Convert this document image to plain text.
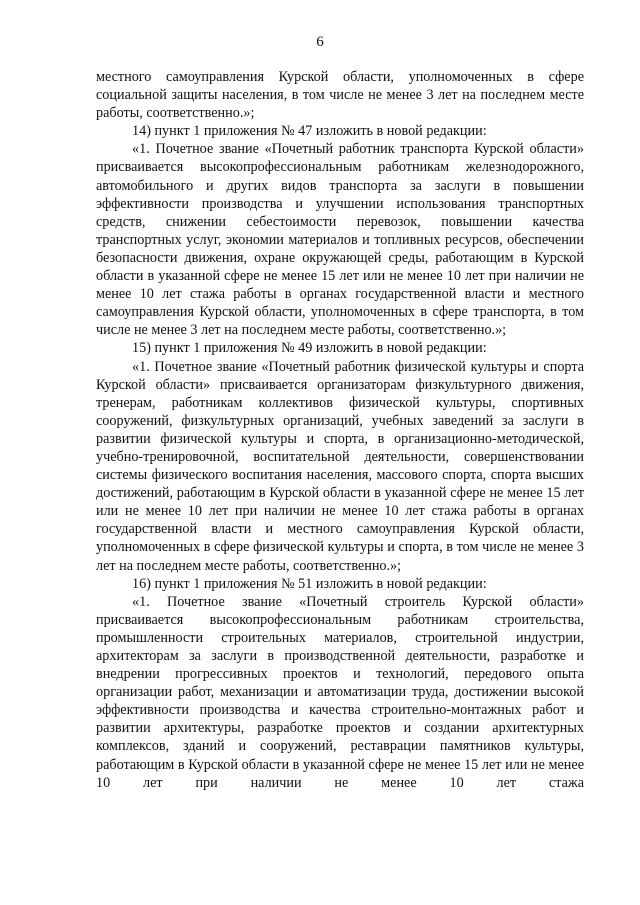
6

местного самоуправления Курской области, уполномоченных в сфере социальной защиты населения, в том числе не менее 3 лет на последнем месте работы, соответственно.»;

14) пункт 1 приложения № 47 изложить в новой редакции:

«1. Почетное звание «Почетный работник транспорта Курской области» присваивается высокопрофессиональным работникам железнодорожного, автомобильного и других видов транспорта за заслуги в повышении эффективности производства и улучшении использования транспортных средств, снижении себестоимости перевозок, повышении качества транспортных услуг, экономии материалов и топливных ресурсов, обеспечении безопасности движения, охране окружающей среды, работающим в Курской области в указанной сфере не менее 15 лет или не менее 10 лет при наличии не менее 10 лет стажа работы в органах государственной власти и местного самоуправления Курской области, уполномоченных в сфере транспорта, в том числе не менее 3 лет на последнем месте работы, соответственно.»;

15) пункт 1 приложения № 49 изложить в новой редакции:

«1. Почетное звание «Почетный работник физической культуры и спорта Курской области» присваивается организаторам физкультурного движения, тренерам, работникам коллективов физической культуры, спортивных сооружений, физкультурных организаций, учебных заведений за заслуги в развитии физической культуры и спорта, в организационно-методической, учебно-тренировочной, воспитательной деятельности, совершенствовании системы физического воспитания населения, массового спорта, спорта высших достижений, работающим в Курской области в указанной сфере не менее 15 лет или не менее 10 лет при наличии не менее 10 лет стажа работы в органах государственной власти и местного самоуправления Курской области, уполномоченных в сфере физической культуры и спорта, в том числе не менее 3 лет на последнем месте работы, соответственно.»;

16) пункт 1 приложения № 51 изложить в новой редакции:

«1. Почетное звание «Почетный строитель Курской области» присваивается высокопрофессиональным работникам строительства, промышленности строительных материалов, строительной индустрии, архитекторам за заслуги в производственной деятельности, разработке и внедрении прогрессивных проектов и технологий, передового опыта организации работ, механизации и автоматизации труда, достижении высокой эффективности производства и качества строительно-монтажных работ и развитии архитектуры, разработке проектов и создании архитектурных комплексов, зданий и сооружений, реставрации памятников культуры, работающим в Курской области в указанной сфере не менее 15 лет или не менее 10 лет при наличии не менее 10 лет стажа
